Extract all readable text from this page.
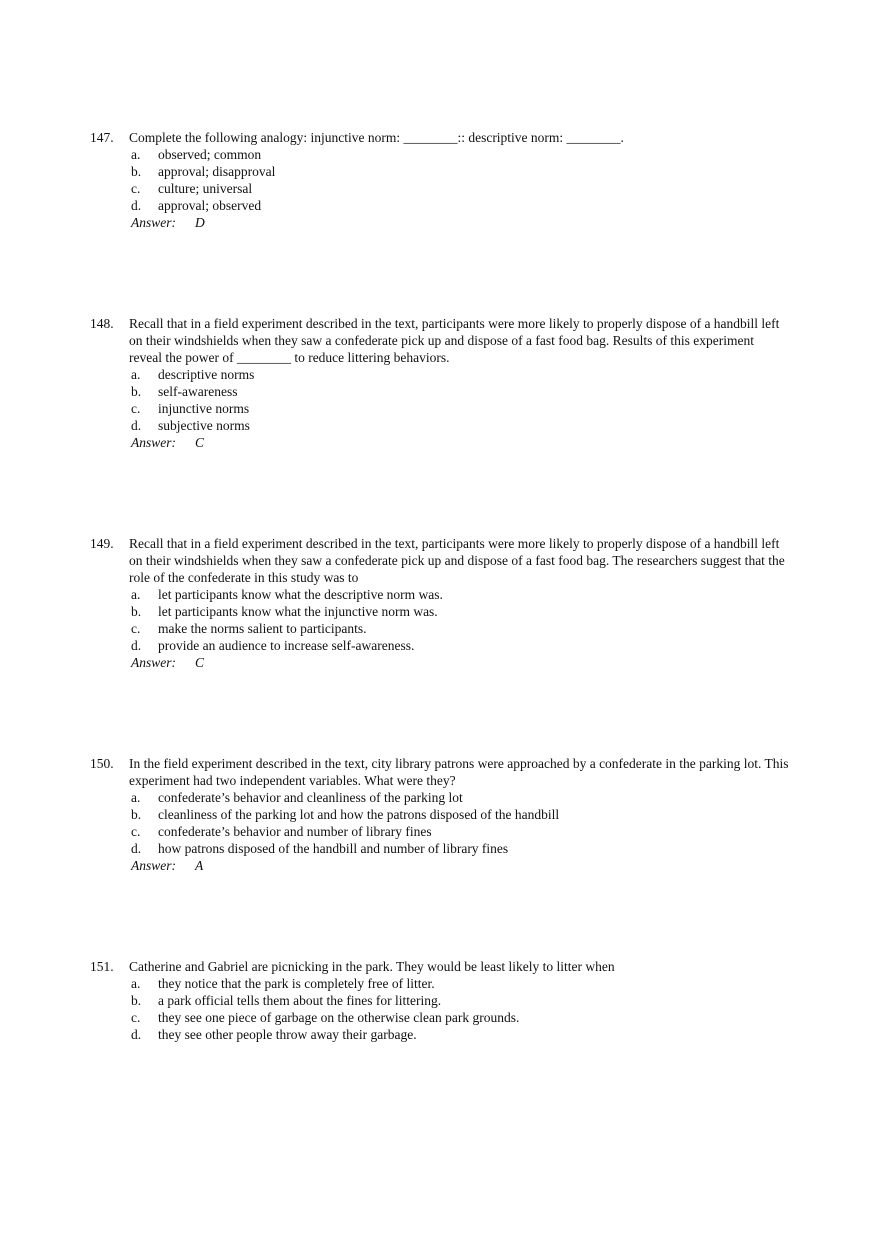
147.	Complete the following analogy: injunctive norm: ________:: descriptive norm: ________.
a.	observed; common
b.	approval; disapproval
c.	culture; universal
d.	approval; observed
Answer:	D
148.	Recall that in a field experiment described in the text, participants were more likely to properly dispose of a handbill left on their windshields when they saw a confederate pick up and dispose of a fast food bag. Results of this experiment reveal the power of ________ to reduce littering behaviors.
a.	descriptive norms
b.	self-awareness
c.	injunctive norms
d.	subjective norms
Answer:	C
149.	Recall that in a field experiment described in the text, participants were more likely to properly dispose of a handbill left on their windshields when they saw a confederate pick up and dispose of a fast food bag. The researchers suggest that the role of the confederate in this study was to
a.	let participants know what the descriptive norm was.
b.	let participants know what the injunctive norm was.
c.	make the norms salient to participants.
d.	provide an audience to increase self-awareness.
Answer:	C
150.	In the field experiment described in the text, city library patrons were approached by a confederate in the parking lot. This experiment had two independent variables. What were they?
a.	confederate’s behavior and cleanliness of the parking lot
b.	cleanliness of the parking lot and how the patrons disposed of the handbill
c.	confederate’s behavior and number of library fines
d.	how patrons disposed of the handbill and number of library fines
Answer:	A
151.	Catherine and Gabriel are picnicking in the park. They would be least likely to litter when
a.	they notice that the park is completely free of litter.
b.	a park official tells them about the fines for littering.
c.	they see one piece of garbage on the otherwise clean park grounds.
d.	they see other people throw away their garbage.
